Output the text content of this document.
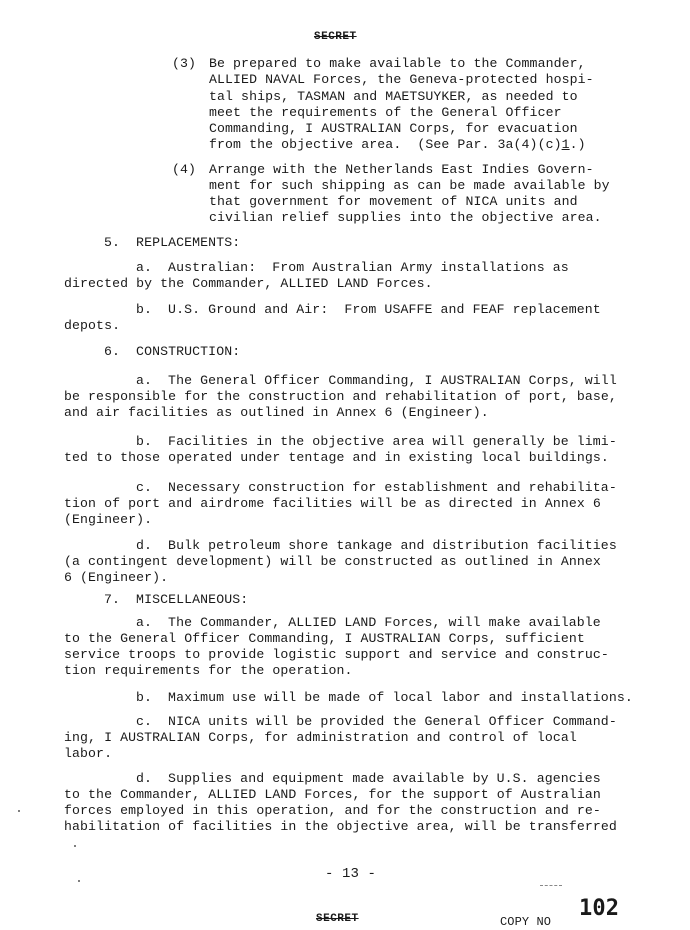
SECRET
(3) Be prepared to make available to the Commander,
ALLIED NAVAL Forces, the Geneva-protected hospi-
tal ships, TASMAN and MAETSUYKER, as needed to
meet the requirements of the General Officer
Commanding, I AUSTRALIAN Corps, for evacuation
from the objective area.  (See Par. 3a(4)(c)1.)
(4) Arrange with the Netherlands East Indies Govern-
ment for such shipping as can be made available by
that government for movement of NICA units and
civilian relief supplies into the objective area.
5.  REPLACEMENTS:
a.  Australian:  From Australian Army installations as
directed by the Commander, ALLIED LAND Forces.
b.  U.S. Ground and Air:  From USAFFE and FEAF replacement
depots.
6.  CONSTRUCTION:
a.  The General Officer Commanding, I AUSTRALIAN Corps, will
be responsible for the construction and rehabilitation of port, base,
and air facilities as outlined in Annex 6 (Engineer).
b.  Facilities in the objective area will generally be limi-
ted to those operated under tentage and in existing local buildings.
c.  Necessary construction for establishment and rehabilita-
tion of port and airdrome facilities will be as directed in Annex 6
(Engineer).
d.  Bulk petroleum shore tankage and distribution facilities
(a contingent development) will be constructed as outlined in Annex
6 (Engineer).
7.  MISCELLANEOUS:
a.  The Commander, ALLIED LAND Forces, will make available
to the General Officer Commanding, I AUSTRALIAN Corps, sufficient
service troops to provide logistic support and service and construc-
tion requirements for the operation.
b.  Maximum use will be made of local labor and installations.
c.  NICA units will be provided the General Officer Command-
ing, I AUSTRALIAN Corps, for administration and control of local
labor.
d.  Supplies and equipment made available by U.S. agencies
to the Commander, ALLIED LAND Forces, for the support of Australian
forces employed in this operation, and for the construction and re-
habilitation of facilities in the objective area, will be transferred
- 13 -
SECRET	COPY NO
102
